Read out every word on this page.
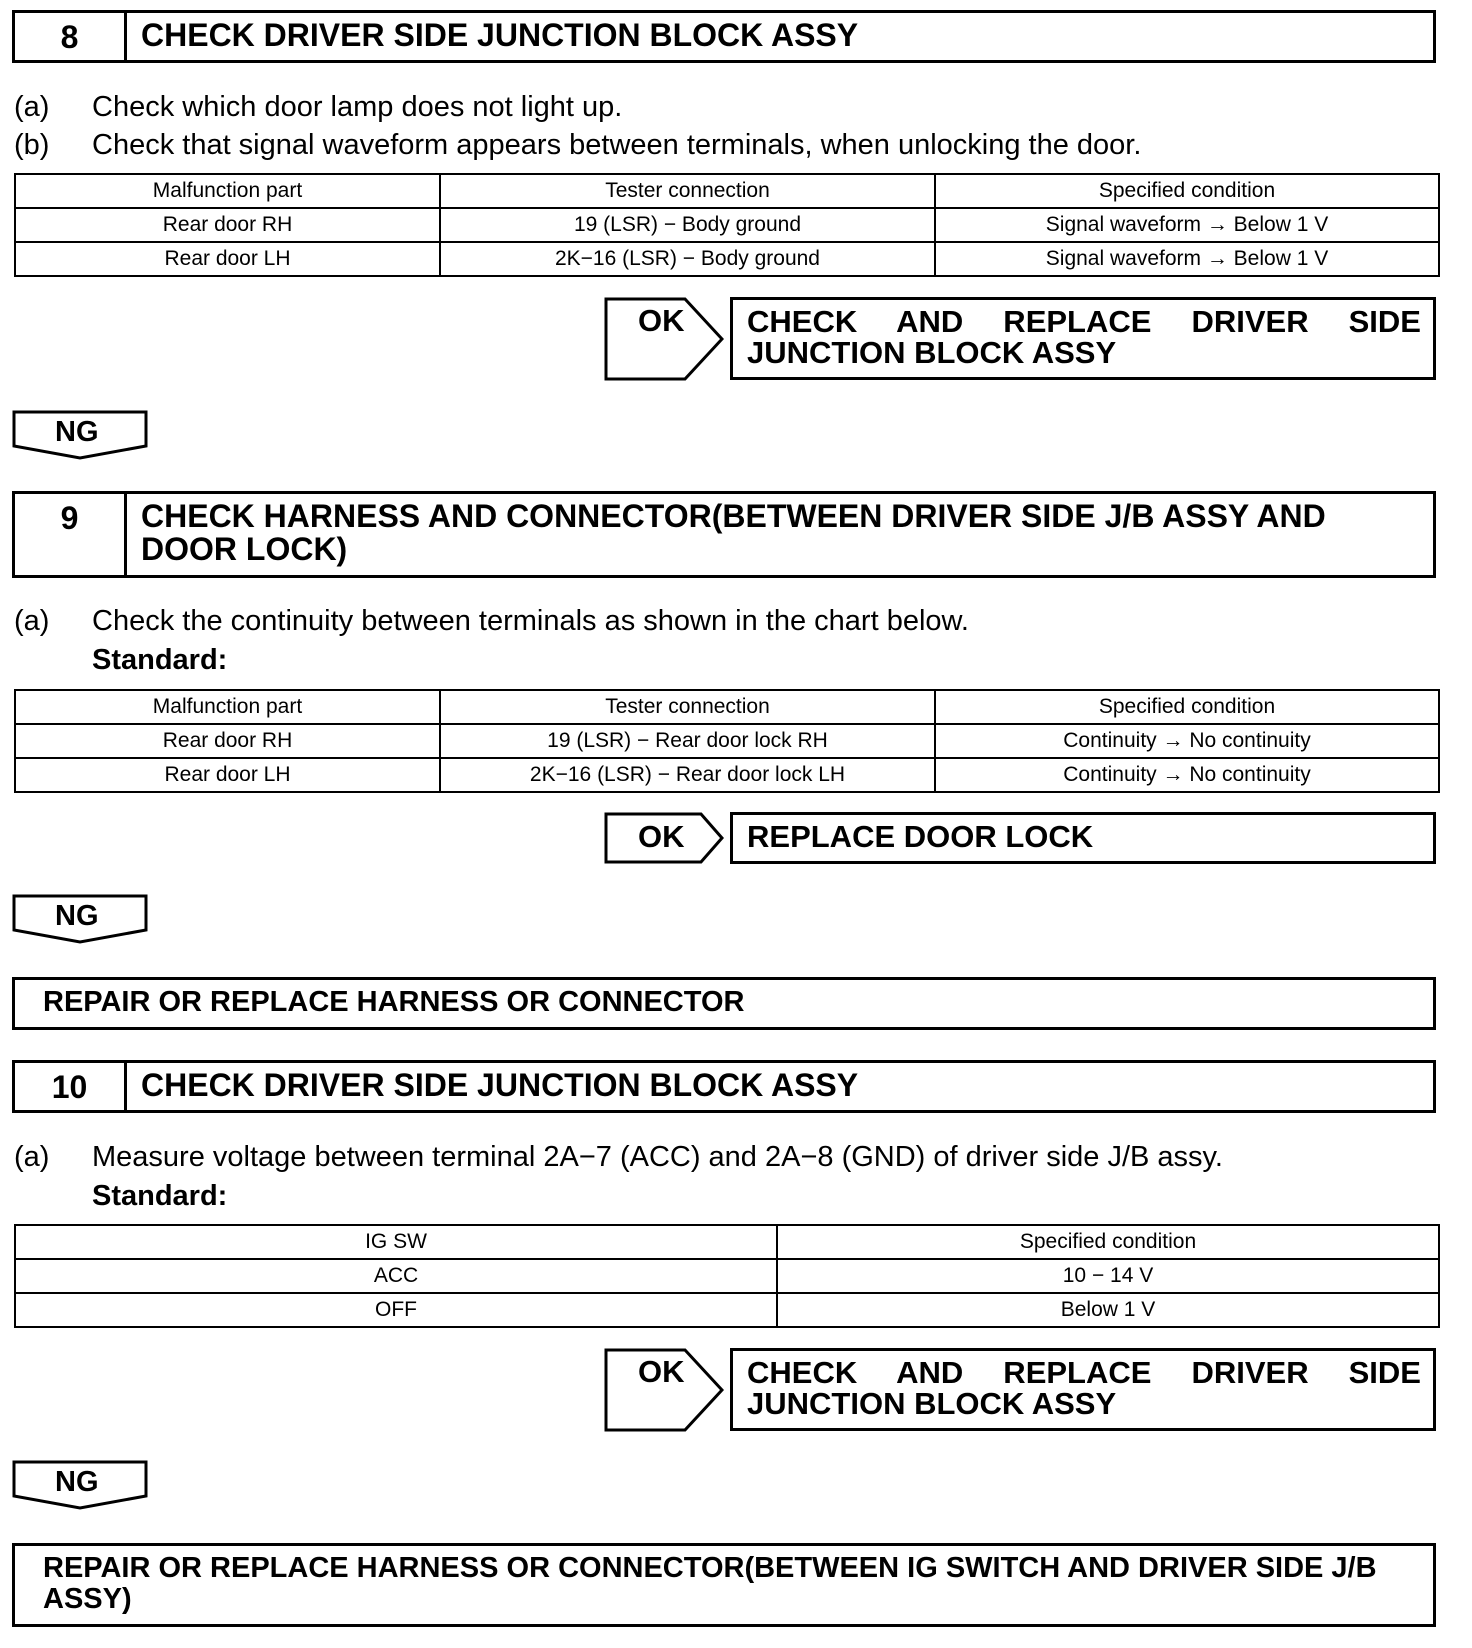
8	CHECK DRIVER SIDE JUNCTION BLOCK ASSY
(a) Check which door lamp does not light up.
(b) Check that signal waveform appears between terminals, when unlocking the door.
Malfunction part	Tester connection	Specified condition
Rear door RH	19 (LSR) − Body ground	Signal waveform → Below 1 V
Rear door LH	2K−16 (LSR) − Body ground	Signal waveform → Below 1 V
OK CHECK AND REPLACE DRIVER SIDE
JUNCTION BLOCK ASSY
NG
9	CHECK HARNESS AND CONNECTOR(BETWEEN DRIVER SIDE J/B ASSY AND DOOR LOCK)
(a) Check the continuity between terminals as shown in the chart below.
Standard:
Malfunction part	Tester connection	Specified condition
Rear door RH	19 (LSR) − Rear door lock RH	Continuity → No continuity
Rear door LH	2K−16 (LSR) − Rear door lock LH	Continuity → No continuity
OK REPLACE DOOR LOCK
NG
REPAIR OR REPLACE HARNESS OR CONNECTOR
10	CHECK DRIVER SIDE JUNCTION BLOCK ASSY
(a) Measure voltage between terminal 2A−7 (ACC) and 2A−8 (GND) of driver side J/B assy.
Standard:
IG SW	Specified condition
ACC	10 − 14 V
OFF	Below 1 V
OK CHECK AND REPLACE DRIVER SIDE
JUNCTION BLOCK ASSY
NG
REPAIR OR REPLACE HARNESS OR CONNECTOR(BETWEEN IG SWITCH AND DRIVER SIDE J/B ASSY)
